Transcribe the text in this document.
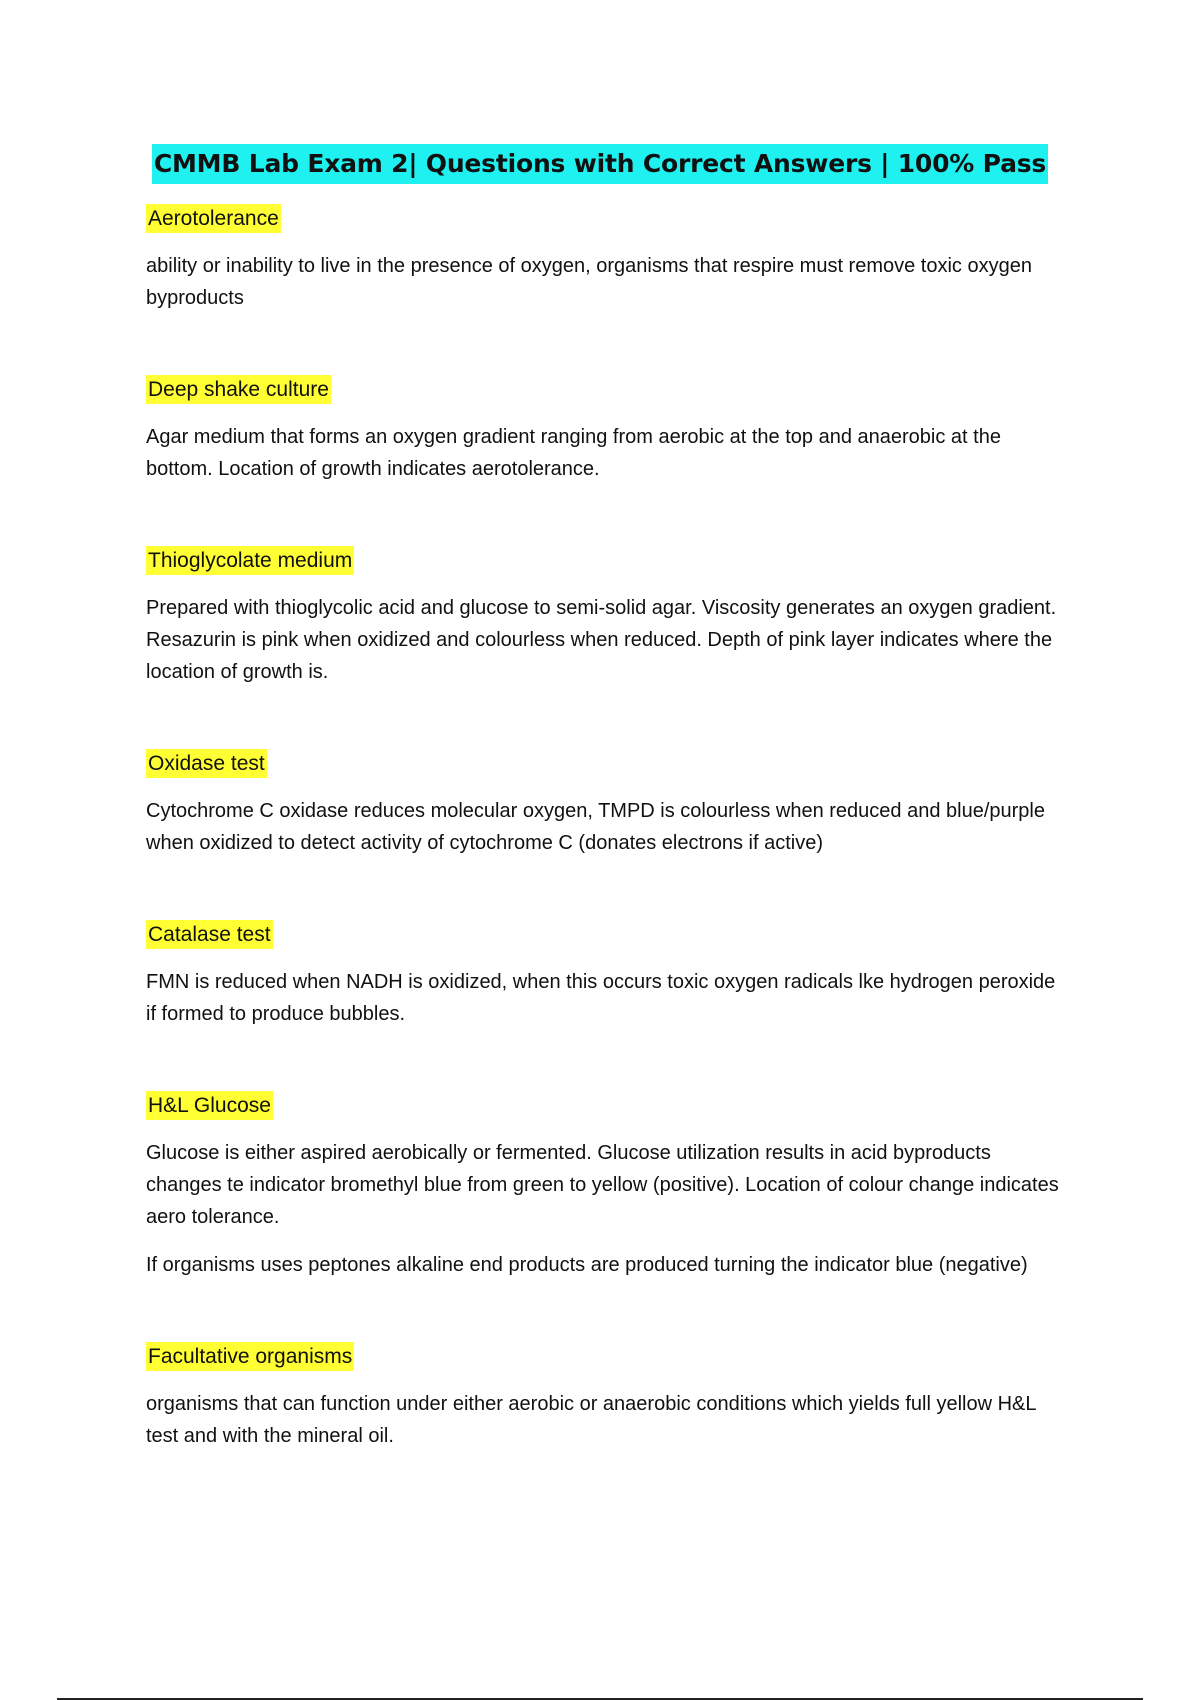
CMMB Lab Exam 2| Questions with Correct Answers | 100% Pass

Aerotolerance

ability or inability to live in the presence of oxygen, organisms that respire must remove toxic oxygen byproducts

Deep shake culture

Agar medium that forms an oxygen gradient ranging from aerobic at the top and anaerobic at the bottom. Location of growth indicates aerotolerance.

Thioglycolate medium

Prepared with thioglycolic acid and glucose to semi-solid agar. Viscosity generates an oxygen gradient. Resazurin is pink when oxidized and colourless when reduced. Depth of pink layer indicates where the location of growth is.

Oxidase test

Cytochrome C oxidase reduces molecular oxygen, TMPD is colourless when reduced and blue/purple when oxidized to detect activity of cytochrome C (donates electrons if active)

Catalase test

FMN is reduced when NADH is oxidized, when this occurs toxic oxygen radicals lke hydrogen peroxide if formed to produce bubbles.

H&L Glucose

Glucose is either aspired aerobically or fermented. Glucose utilization results in acid byproducts changes te indicator bromethyl blue from green to yellow (positive). Location of colour change indicates aero tolerance.

If organisms uses peptones alkaline end products are produced turning the indicator blue (negative)

Facultative organisms

organisms that can function under either aerobic or anaerobic conditions which yields full yellow H&L test and with the mineral oil.
